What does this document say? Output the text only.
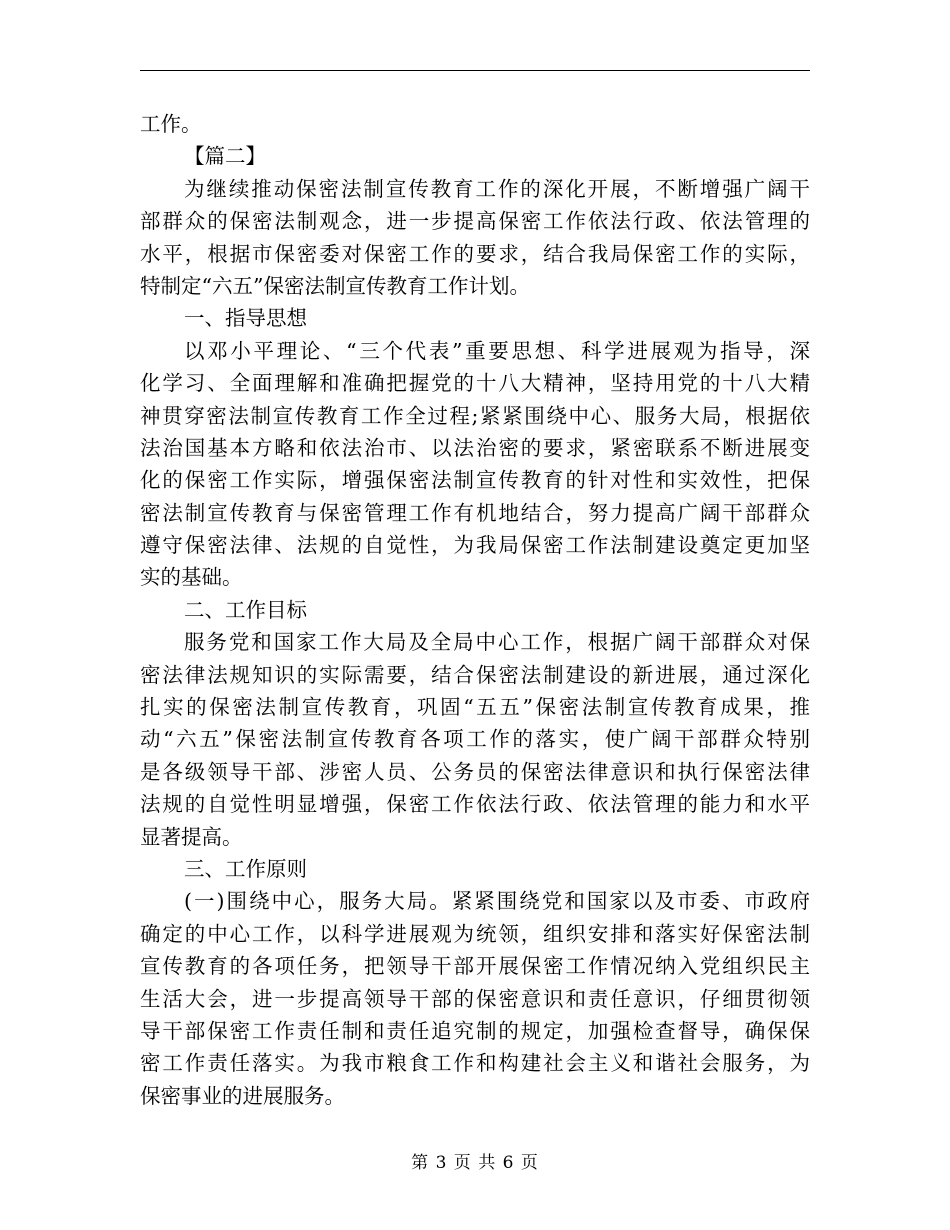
工作。
【篇二】
为继续推动保密法制宣传教育工作的深化开展，不断增强广阔干
部群众的保密法制观念，进一步提高保密工作依法行政、依法管理的
水平，根据市保密委对保密工作的要求，结合我局保密工作的实际，
特制定“六五”保密法制宣传教育工作计划。
一、指导思想
以邓小平理论、“三个代表”重要思想、科学进展观为指导，深
化学习、全面理解和准确把握党的十八大精神，坚持用党的十八大精
神贯穿密法制宣传教育工作全过程;紧紧围绕中心、服务大局，根据依
法治国基本方略和依法治市、以法治密的要求，紧密联系不断进展变
化的保密工作实际，增强保密法制宣传教育的针对性和实效性，把保
密法制宣传教育与保密管理工作有机地结合，努力提高广阔干部群众
遵守保密法律、法规的自觉性，为我局保密工作法制建设奠定更加坚
实的基础。
二、工作目标
服务党和国家工作大局及全局中心工作，根据广阔干部群众对保
密法律法规知识的实际需要，结合保密法制建设的新进展，通过深化
扎实的保密法制宣传教育，巩固“五五”保密法制宣传教育成果，推
动“六五”保密法制宣传教育各项工作的落实，使广阔干部群众特别
是各级领导干部、涉密人员、公务员的保密法律意识和执行保密法律
法规的自觉性明显增强，保密工作依法行政、依法管理的能力和水平
显著提高。
三、工作原则
(一)围绕中心，服务大局。紧紧围绕党和国家以及市委、市政府
确定的中心工作，以科学进展观为统领，组织安排和落实好保密法制
宣传教育的各项任务，把领导干部开展保密工作情况纳入党组织民主
生活大会，进一步提高领导干部的保密意识和责任意识，仔细贯彻领
导干部保密工作责任制和责任追究制的规定，加强检查督导，确保保
密工作责任落实。为我市粮食工作和构建社会主义和谐社会服务，为
保密事业的进展服务。
第 3 页 共 6 页
